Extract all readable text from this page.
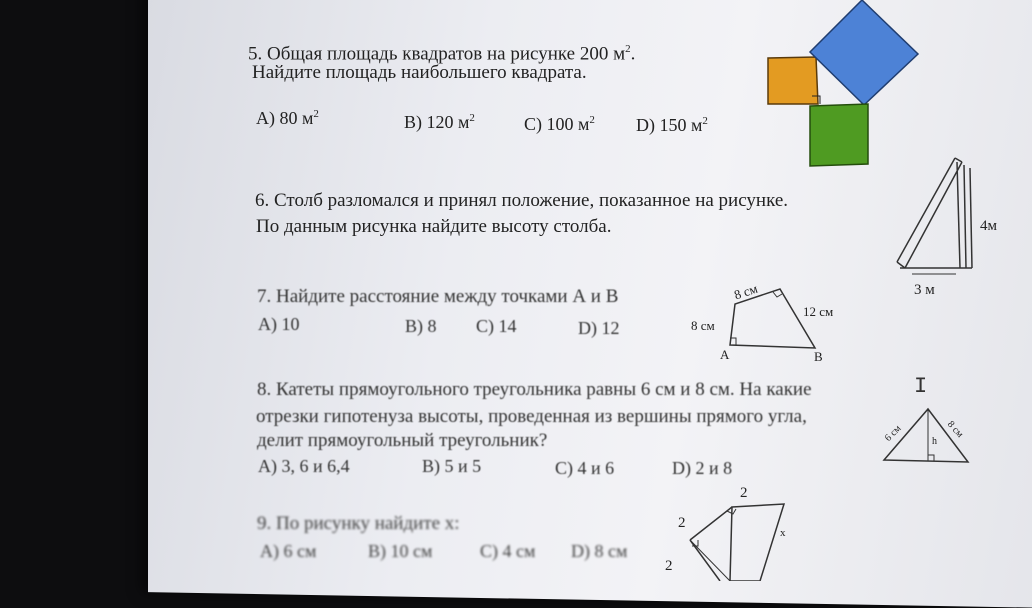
5. Общая площадь квадратов на рисунке 200 $м^2$.
Найдите площадь наибольшего квадрата.
A) 80 $м^2$	B) 120 $м^2$	C) 100 $м^2$ D) 150 $м^2$
6. Столб разломался и принял положение, показанное на рисунке.
По данным рисунка найдите высоту столба.	4м
3 м
7. Найдите расстояние между точками А и В
A) 10	B) 8 C) 14	D) 12
8 см
12 см
8 см
А	В
8. Катеты прямоугольного треугольника равны 6 см и 8 см. На какие
отрезки гипотенуза высоты, проведенная из вершины прямого угла,
делит прямоугольный треугольник?
A) 3, 6 и 6,4	B) 5 и 5	C) 4 и 6	D) 2 и 8
I
6 см	8 см
h
9. По рисунку найдите х:
A) 6 см	B) 10 см	C) 4 см D) 8 см
2
2
x
2
